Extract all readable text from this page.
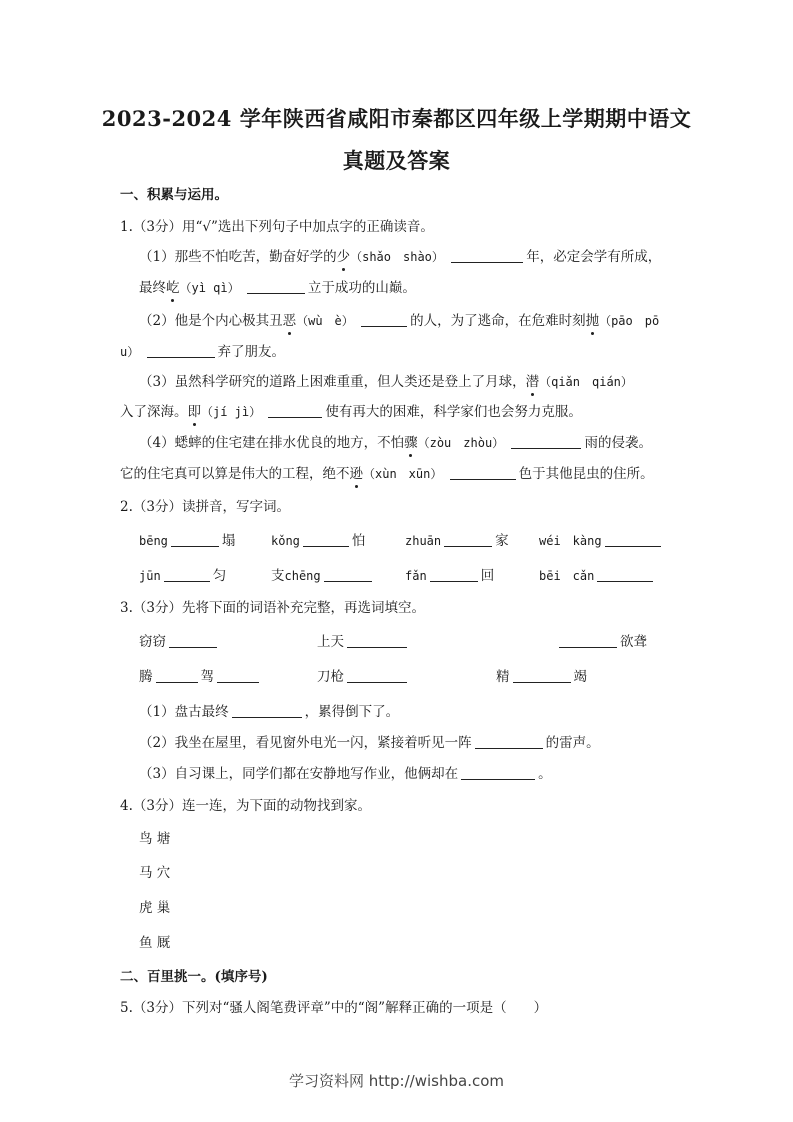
2023-2024 学年陕西省咸阳市秦都区四年级上学期期中语文
真题及答案
一、积累与运用。
1.（3分）用“√”选出下列句子中加点字的正确读音。
（1）那些不怕吃苦，勤奋好学的少（shǎo　shào）	年，必定会学有所成，
最终屹（yì qì）	立于成功的山巅。
（2）他是个内心极其丑恶（wù　è）	的人，为了逃命，在危难时刻抛（pāo　pō
u）	弃了朋友。
（3）虽然科学研究的道路上困难重重，但人类还是登上了月球，潜（qiǎn　qián）
入了深海。即（jí jì）	使有再大的困难，科学家们也会努力克服。
（4）蟋蟀的住宅建在排水优良的地方，不怕骤（zòu　zhòu）	雨的侵袭。
它的住宅真可以算是伟大的工程，绝不逊（xùn　xūn）	色于其他昆虫的住所。
2.（3分）读拼音，写字词。
bēng	塌	kǒng	怕	zhuān	家	wéi　kàng
jūn	匀	支chēng	fǎn	回	bēi　cǎn
3.（3分）先将下面的词语补充完整，再选词填空。
窃窃	上天	欲聋
腾	驾	刀枪	精	竭
（1）盘古最终	，累得倒下了。
（2）我坐在屋里，看见窗外电光一闪，紧接着听见一阵	的雷声。
（3）自习课上，同学们都在安静地写作业，他俩却在	。
4.（3分）连一连，为下面的动物找到家。
鸟 塘
马 穴
虎 巢
鱼 厩
二、百里挑一。(填序号)
5.（3分）下列对“骚人阁笔费评章”中的“阁”解释正确的一项是（　　）
学习资料网 http://wishba.com
